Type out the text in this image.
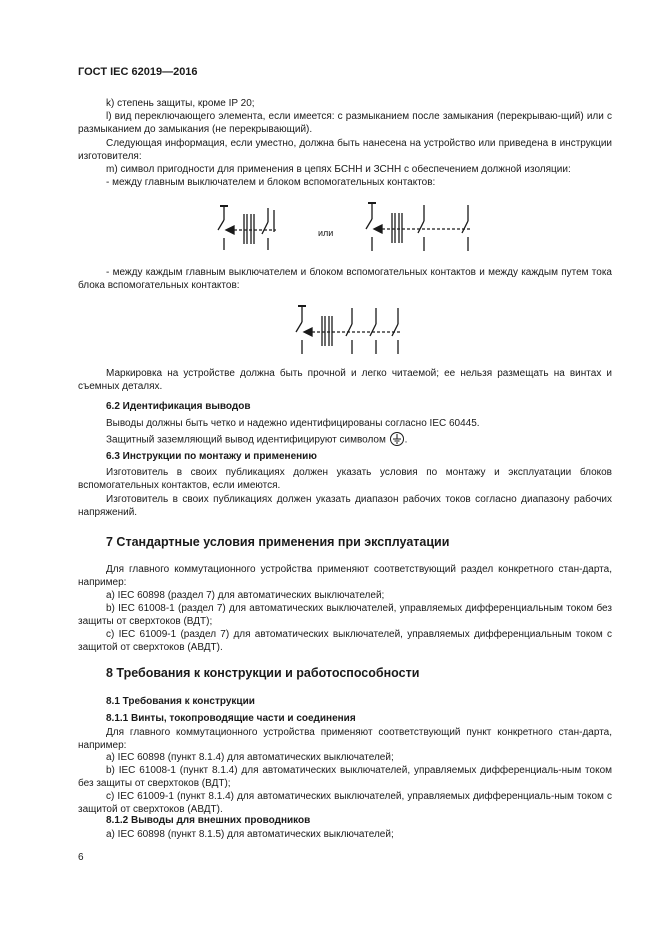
ГОСТ IEC 62019—2016

k) степень защиты, кроме IP 20;

l) вид переключающего элемента, если имеется: с размыканием после замыкания (перекрываю-щий) или с размыканием до замыкания (не перекрывающий).

Следующая информация, если уместно, должна быть нанесена на устройство или приведена в инструкции изготовителя:

m) символ пригодности для применения в цепях БСНН и ЗСНН с обеспечением должной изоляции:

- между главным выключателем и блоком вспомогательных контактов:

или

- между каждым главным выключателем и блоком вспомогательных контактов и между каждым путем тока блока вспомогательных контактов:

Маркировка на устройстве должна быть прочной и легко читаемой; ее нельзя размещать на винтах и съемных деталях.

6.2 Идентификация выводов

Выводы должны быть четко и надежно идентифицированы согласно IEC 60445.

Защитный заземляющий вывод идентифицируют символом .

6.3 Инструкции по монтажу и применению

Изготовитель в своих публикациях должен указать условия по монтажу и эксплуатации блоков вспомогательных контактов, если имеются.

Изготовитель в своих публикациях должен указать диапазон рабочих токов согласно диапазону рабочих напряжений.

7 Стандартные условия применения при эксплуатации

Для главного коммутационного устройства применяют соответствующий раздел конкретного стан-дарта, например:

a) IEC 60898 (раздел 7) для автоматических выключателей;

b) IEC 61008-1 (раздел 7) для автоматических выключателей, управляемых дифференциальным током без защиты от сверхтоков (ВДТ);

c) IEC 61009-1 (раздел 7) для автоматических выключателей, управляемых дифференциальным током с защитой от сверхтоков (АВДТ).

8 Требования к конструкции и работоспособности
8.1 Требования к конструкции
8.1.1 Винты, токопроводящие части и соединения

Для главного коммутационного устройства применяют соответствующий пункт конкретного стан-дарта, например:

a) IEC 60898 (пункт 8.1.4) для автоматических выключателей;

b) IEC 61008-1 (пункт 8.1.4) для автоматических выключателей, управляемых дифференциаль-ным током без защиты от сверхтоков (ВДТ);

c) IEC 61009-1 (пункт 8.1.4) для автоматических выключателей, управляемых дифференциаль-ным током с защитой от сверхтоков (АВДТ).

8.1.2 Выводы для внешних проводников

a) IEC 60898 (пункт 8.1.5) для автоматических выключателей;

6
